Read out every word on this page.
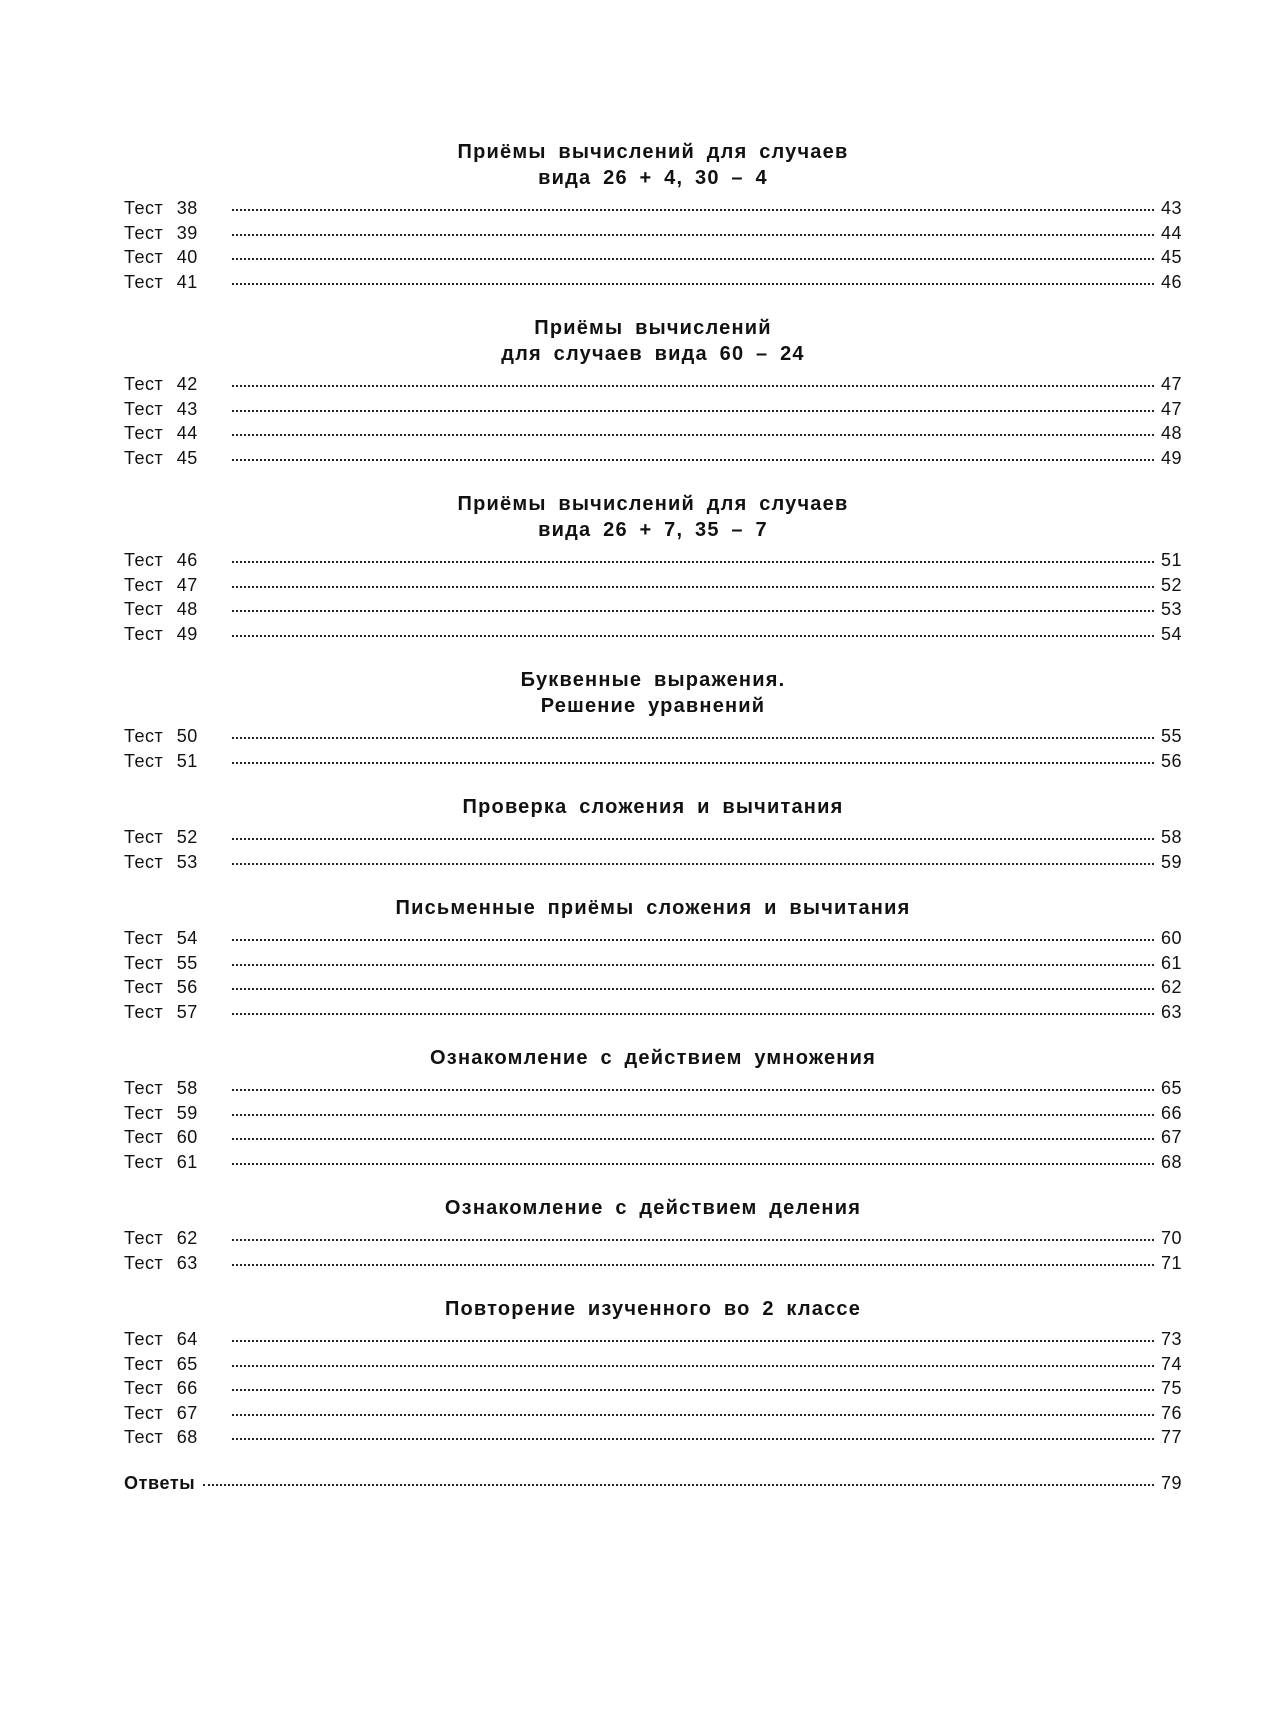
Приёмы вычислений для случаев
вида 26 + 4, 30 – 4
Тест 38	43
Тест 39	44
Тест 40	45
Тест 41	46
Приёмы вычислений
для случаев вида 60 – 24
Тест 42	47
Тест 43	47
Тест 44	48
Тест 45	49
Приёмы вычислений для случаев
вида 26 + 7, 35 – 7
Тест 46	51
Тест 47	52
Тест 48	53
Тест 49	54
Буквенные выражения.
Решение уравнений
Тест 50	55
Тест 51	56
Проверка сложения и вычитания
Тест 52	58
Тест 53	59
Письменные приёмы сложения и вычитания
Тест 54	60
Тест 55	61
Тест 56	62
Тест 57	63
Ознакомление с действием умножения
Тест 58	65
Тест 59	66
Тест 60	67
Тест 61	68
Ознакомление с действием деления
Тест 62	70
Тест 63	71
Повторение изученного во 2 классе
Тест 64	73
Тест 65	74
Тест 66	75
Тест 67	76
Тест 68	77
Ответы	79
